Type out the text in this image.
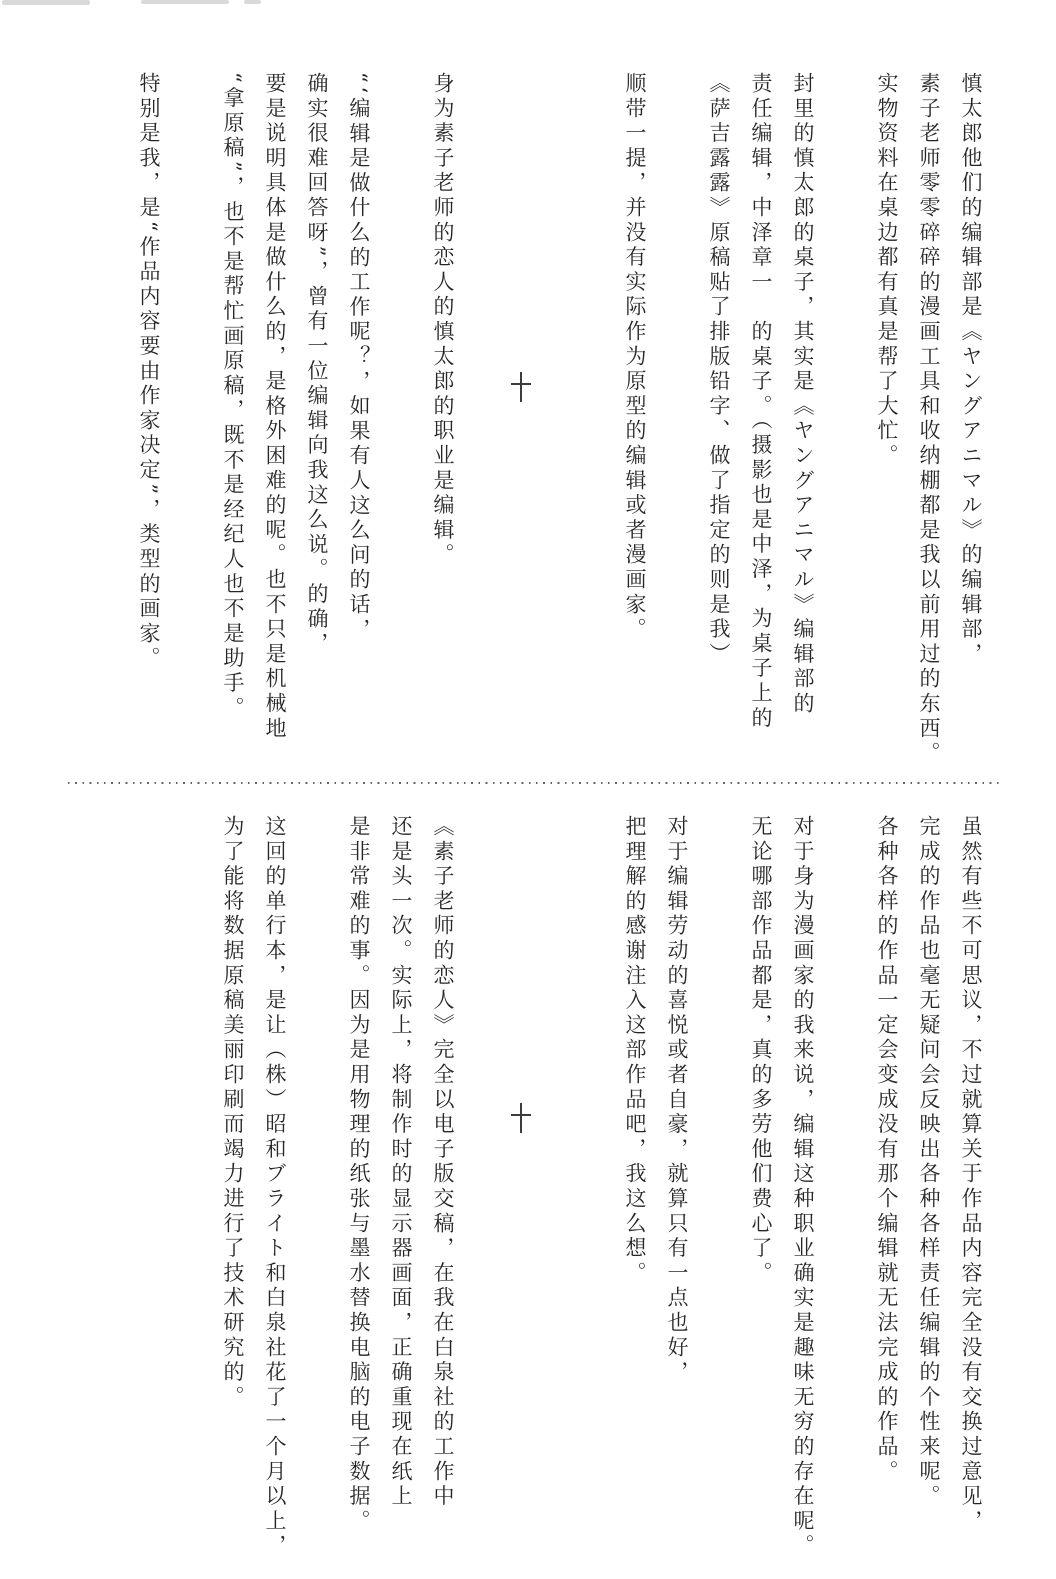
慎太郎他们的编辑部是《ヤングアニマル》的编辑部，
素子老师零零碎碎的漫画工具和收纳棚都是我以前用过的东西。
实物资料在桌边都有真是帮了大忙。
封里的慎太郎的桌子，其实是《ヤングアニマル》编辑部的
责任编辑，中泽章一　的桌子。（摄影也是中泽，为桌子上的
《萨吉露露》原稿贴了排版铅字、做了指定的则是我）
顺带一提，并没有实际作为原型的编辑或者漫画家。
身为素子老师的恋人的慎太郎的职业是编辑。
“‘编辑是做什么的工作呢？，如果有人这么问的话，
确实很难回答呀”，曾有一位编辑向我这么说。的确，
要是说明具体是做什么的，是格外困难的呢。也不只是机械地
“拿原稿”，也不是帮忙画原稿，既不是经纪人也不是助手。
特别是我，是“作品内容要由作家决定”，类型的画家。
虽然有些不可思议，不过就算关于作品内容完全没有交换过意见，
完成的作品也毫无疑问会反映出各种各样责任编辑的个性来呢。
各种各样的作品一定会变成没有那个编辑就无法完成的作品。
对于身为漫画家的我来说，编辑这种职业确实是趣味无穷的存在呢。
无论哪部作品都是，真的多劳他们费心了。
对于编辑劳动的喜悦或者自豪，就算只有一点也好，
把理解的感谢注入这部作品吧，我这么想。
《素子老师的恋人》完全以电子版交稿，在我在白泉社的工作中
还是头一次。实际上，将制作时的显示器画面，正确重现在纸上
是非常难的事。因为是用物理的纸张与墨水替换电脑的电子数据。
这回的单行本，是让（株）昭和ブライト和白泉社花了一个月以上，
为了能将数据原稿美丽印刷而竭力进行了技术研究的。
